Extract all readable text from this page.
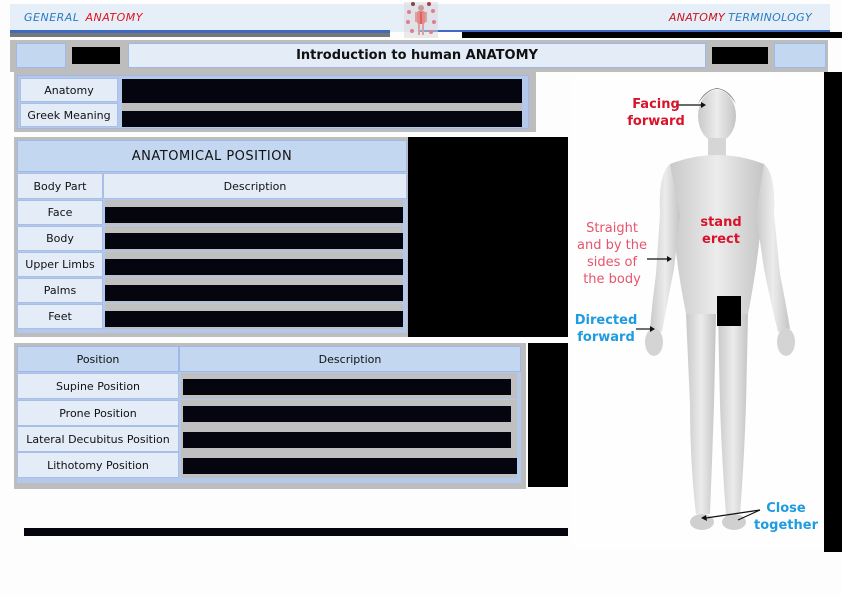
GENERAL ANATOMY	ANATOMY TERMINOLOGY
Introduction to human ANATOMY
Anatomy
Greek Meaning
ANATOMICAL POSITION
Body Part	Description
Face
Body
Upper Limbs
Palms
Feet
Position	Description
Supine Position
Prone Position
Lateral Decubitus Position
Lithotomy Position
Facing
forward
stand
erect
Straight
and by the
sides of
the body
Directed
forward
Close
together
